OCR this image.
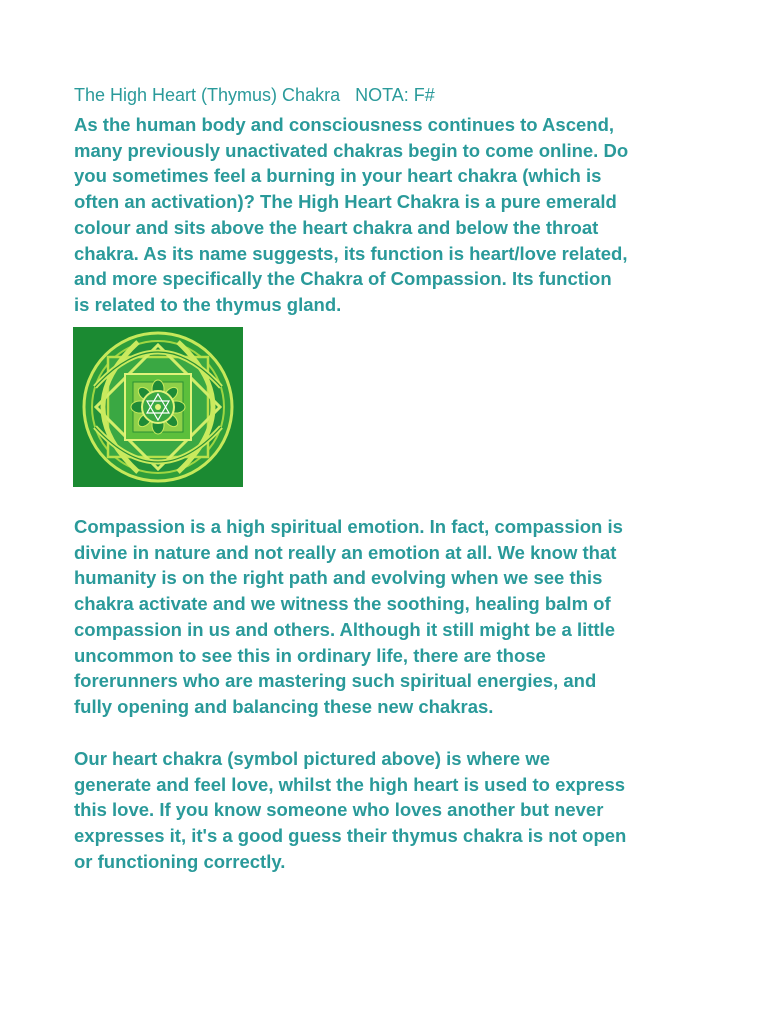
The High Heart (Thymus) Chakra   NOTA: F#

As the human body and consciousness continues to Ascend,
many previously unactivated chakras begin to come online. Do
you sometimes feel a burning in your heart chakra (which is
often an activation)? The High Heart Chakra is a pure emerald
colour and sits above the heart chakra and below the throat
chakra. As its name suggests, its function is heart/love related,
and more specifically the Chakra of Compassion. Its function
is related to the thymus gland.

Compassion is a high spiritual emotion. In fact, compassion is
divine in nature and not really an emotion at all. We know that
humanity is on the right path and evolving when we see this
chakra activate and we witness the soothing, healing balm of
compassion in us and others. Although it still might be a little
uncommon to see this in ordinary life, there are those
forerunners who are mastering such spiritual energies, and
fully opening and balancing these new chakras.

Our heart chakra (symbol pictured above) is where we
generate and feel love, whilst the high heart is used to express
this love. If you know someone who loves another but never
expresses it, it's a good guess their thymus chakra is not open
or functioning correctly.
